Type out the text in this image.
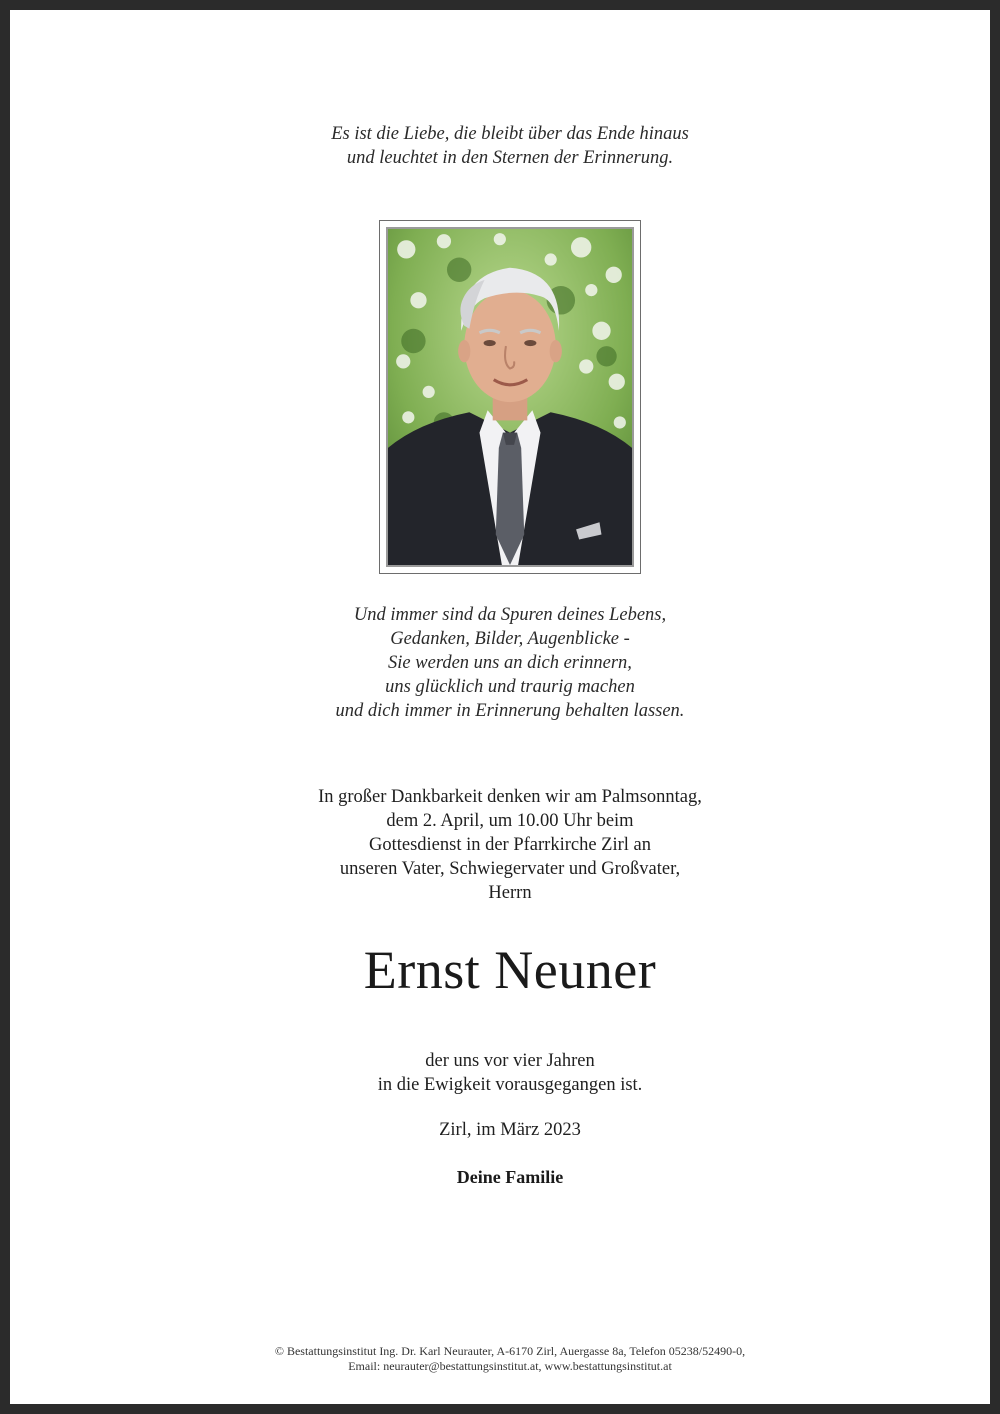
Es ist die Liebe, die bleibt über das Ende hinaus
und leuchtet in den Sternen der Erinnerung.
Und immer sind da Spuren deines Lebens,
Gedanken, Bilder, Augenblicke -
Sie werden uns an dich erinnern,
uns glücklich und traurig machen
und dich immer in Erinnerung behalten lassen.
In großer Dankbarkeit denken wir am Palmsonntag,
dem 2. April, um 10.00 Uhr beim
Gottesdienst in der Pfarrkirche Zirl an
unseren Vater, Schwiegervater und Großvater,
Herrn
Ernst Neuner
der uns vor vier Jahren
in die Ewigkeit vorausgegangen ist.
Zirl, im März 2023
Deine Familie
© Bestattungsinstitut Ing. Dr. Karl Neurauter, A-6170 Zirl, Auergasse 8a, Telefon 05238/52490-0,
Email: neurauter@bestattungsinstitut.at, www.bestattungsinstitut.at
